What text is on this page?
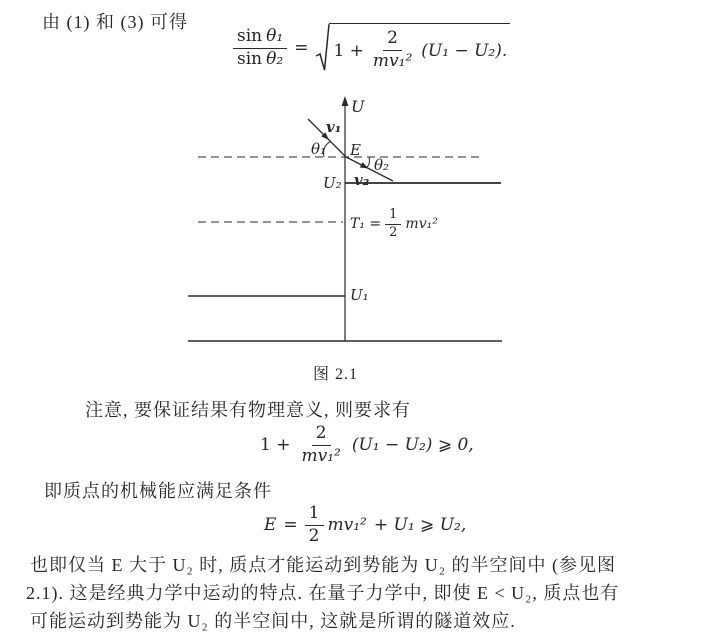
由 (1) 和 (3) 可得
$\frac{\text{sin θ₁}}{\text{sin θ₂}} = 1 + \frac{2}{\text{mv₁²}} (U_1 - U_2)$.
U
v₁
θ₁ E
θ₂
v₂
U₂
$T_1 = \frac{1}{2} mv_1^2$
U₁
图 2.1
注意, 要保证结果有物理意义, 则要求有
$1 + \frac{2}{\text{mv₁²}} (U_1 - U_2)$ ⩾ 0,
即质点的机械能应满足条件
$E = \frac{1}{2} mv_1^2 + U_1$ ⩾ U₂,
也即仅当 E 大于 U₂ 时, 质点才能运动到势能为 U₂ 的半空间中 (参见图
2.1). 这是经典力学中运动的特点. 在量子力学中, 即使 E < U₂, 质点也有
可能运动到势能为 U₂ 的半空间中, 这就是所谓的隧道效应.
